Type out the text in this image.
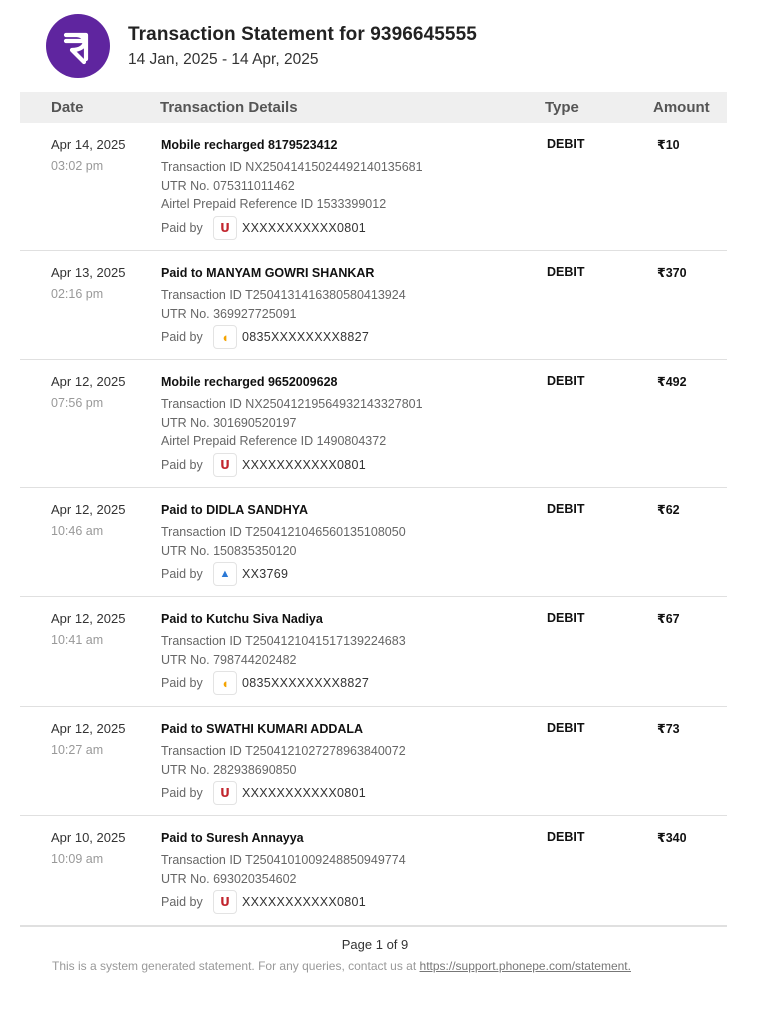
Transaction Statement for 9396645555
14 Jan, 2025 - 14 Apr, 2025
Date	Transaction Details	Type	Amount
Apr 14, 2025
03:02 pm
Mobile recharged 8179523412
Transaction ID NX25041415024492140135681
UTR No. 075311011462
Airtel Prepaid Reference ID 1533399012
Paid by	ᑌ XXXXXXXXXXX0801
DEBIT	₹10
Apr 13, 2025
02:16 pm
Paid to MANYAM GOWRI SHANKAR
Transaction ID T2504131416380580413924
UTR No. 369927725091
Paid by	◖	0835XXXXXXXX8827
DEBIT	₹370
Apr 12, 2025
07:56 pm
Mobile recharged 9652009628
Transaction ID NX25041219564932143327801
UTR No. 301690520197
Airtel Prepaid Reference ID 1490804372
Paid by	ᑌ XXXXXXXXXXX0801
DEBIT	₹492
Apr 12, 2025
10:46 am
Paid to DIDLA SANDHYA
Transaction ID T2504121046560135108050
UTR No. 150835350120
Paid by	▲ XX3769
DEBIT	₹62
Apr 12, 2025
10:41 am
Paid to Kutchu Siva Nadiya
Transaction ID T2504121041517139224683
UTR No. 798744202482
Paid by	◖	0835XXXXXXXX8827
DEBIT	₹67
Apr 12, 2025
10:27 am
Paid to SWATHI KUMARI ADDALA
Transaction ID T2504121027278963840072
UTR No. 282938690850
Paid by	ᑌ XXXXXXXXXXX0801
DEBIT	₹73
Apr 10, 2025
10:09 am
Paid to Suresh Annayya
Transaction ID T2504101009248850949774
UTR No. 693020354602
Paid by	ᑌ XXXXXXXXXXX0801
DEBIT	₹340
Page 1 of 9
This is a system generated statement. For any queries, contact us at https://support.phonepe.com/statement.
